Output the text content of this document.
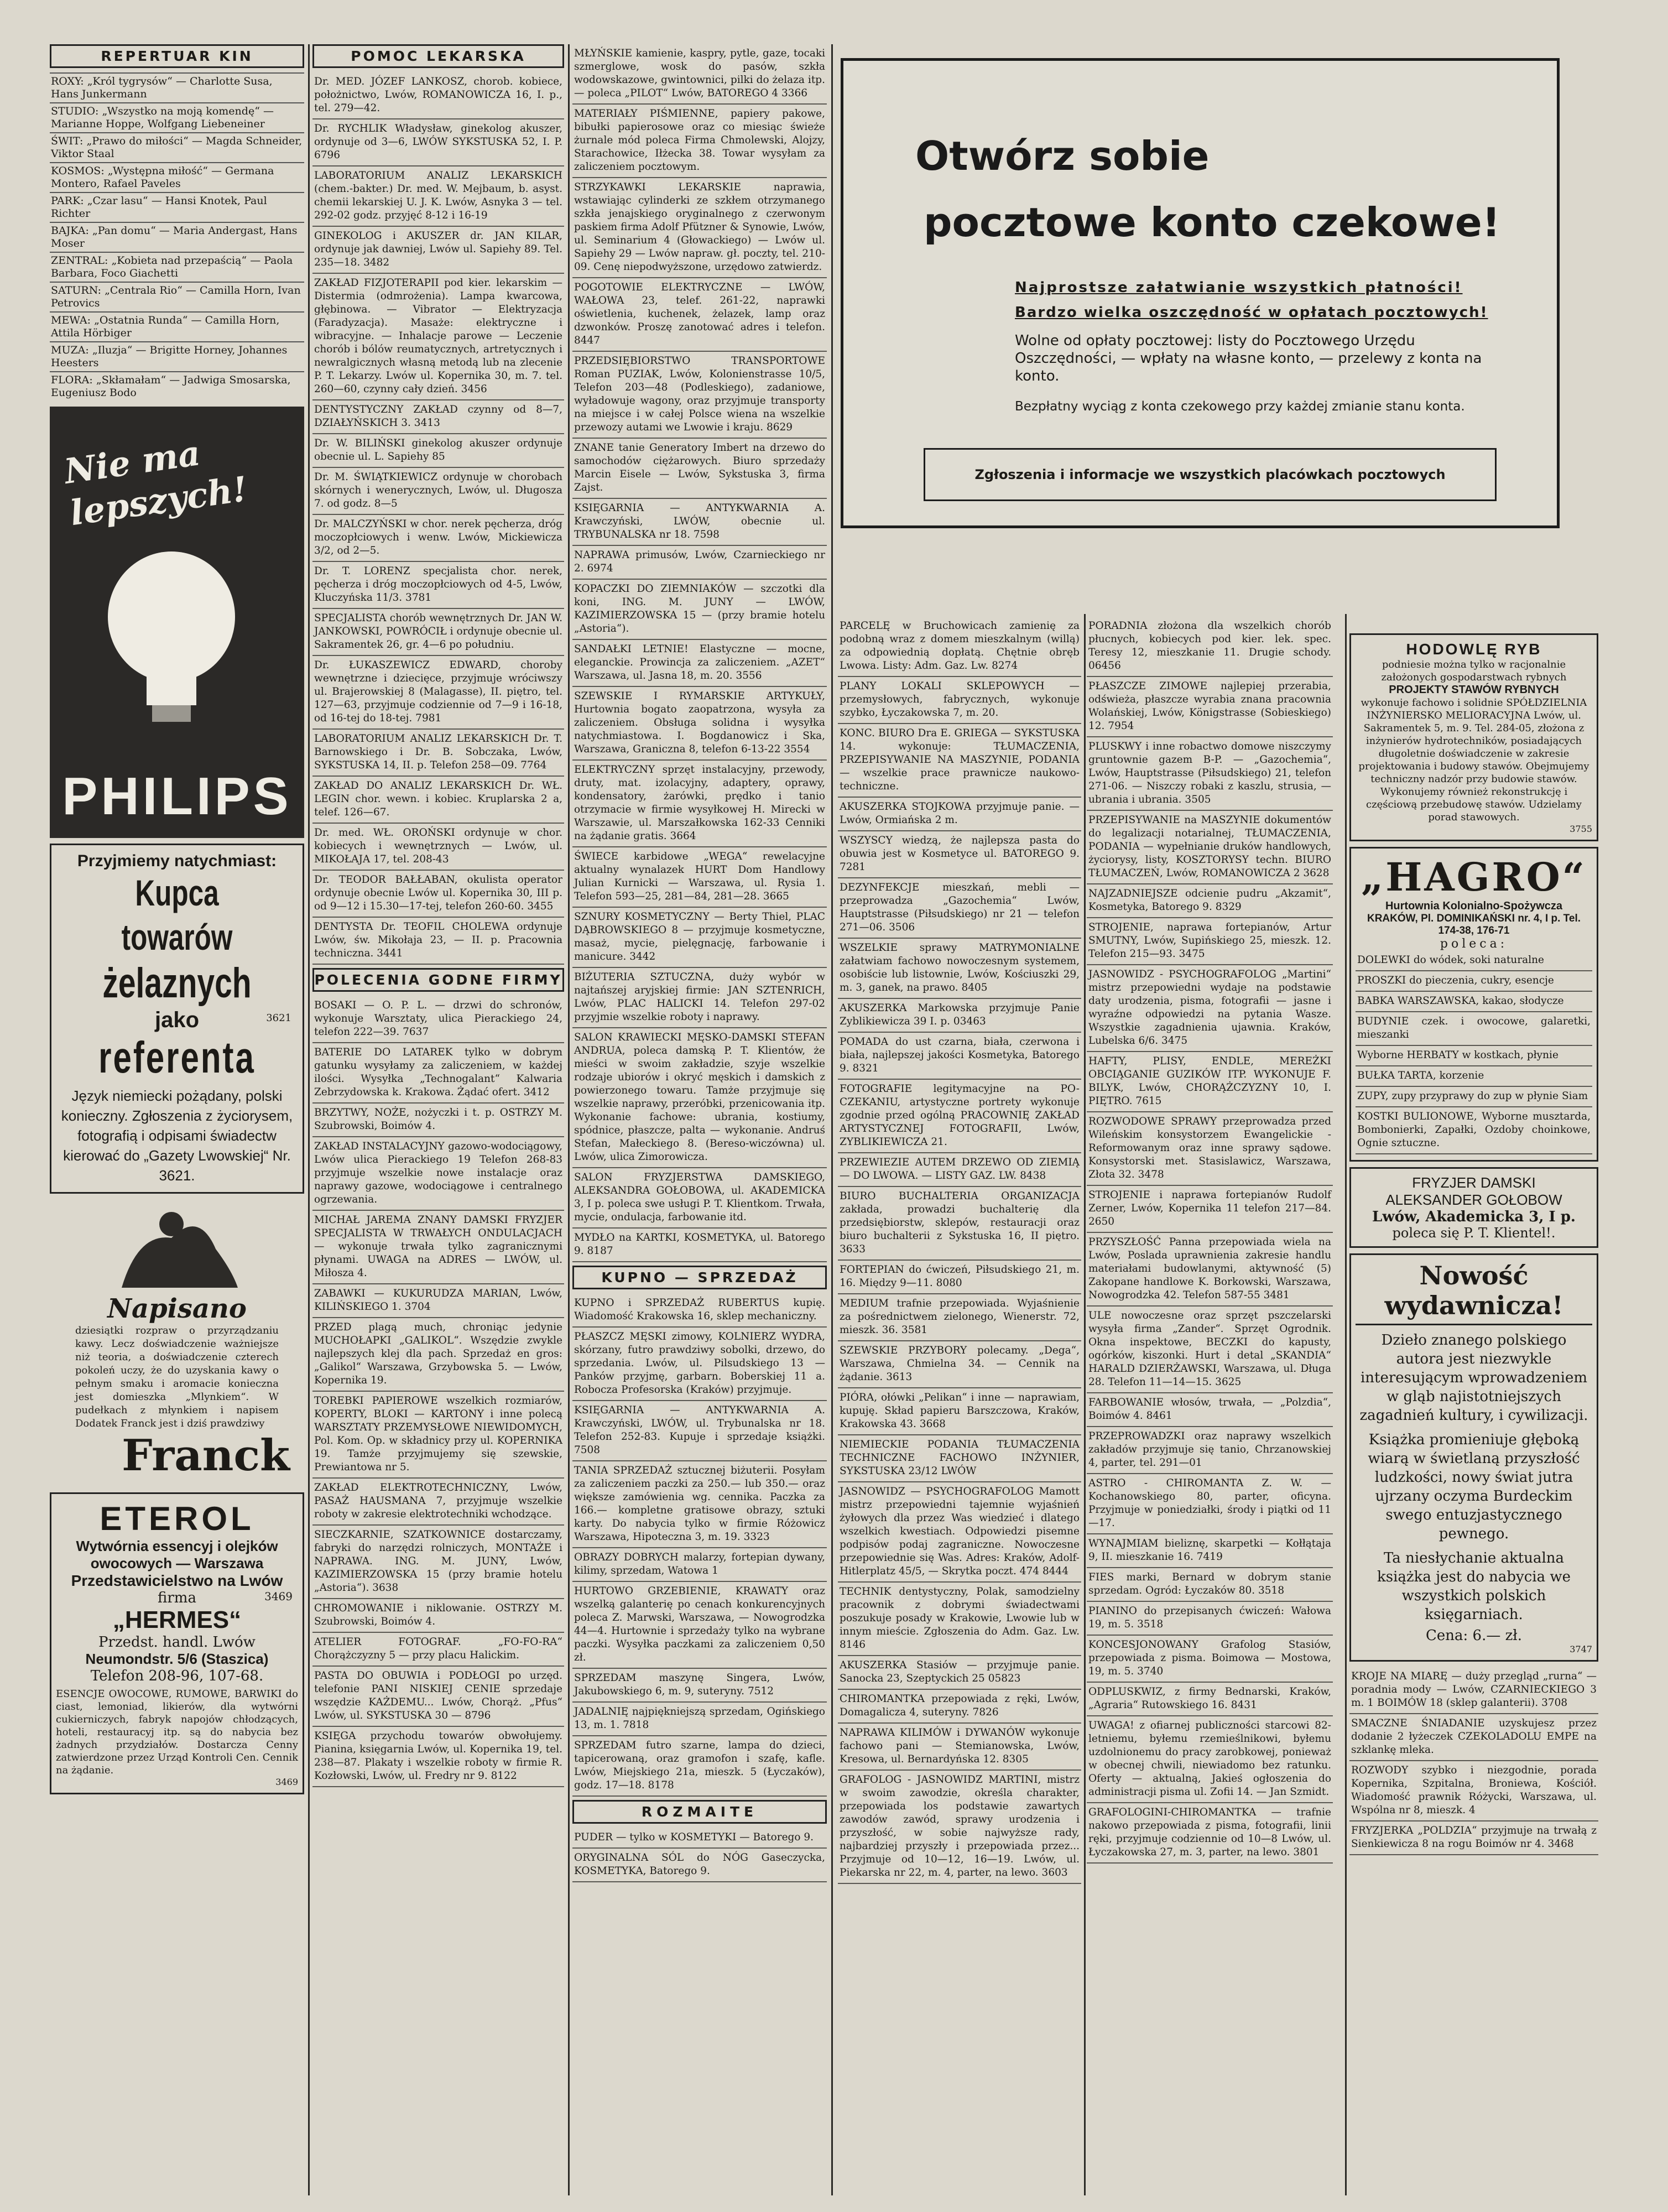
REPERTUAR KIN
ROXY: „Król tygrysów“ — Charlotte Susa, Hans Junkermann
STUDIO: „Wszystko na moją komendę“ — Marianne Hoppe, Wolfgang Liebeneiner
ŚWIT: „Prawo do miłości“ — Magda Schneider, Viktor Staal
KOSMOS: „Występna miłość“ — Germana Montero, Rafael Paveles
PARK: „Czar lasu“ — Hansi Knotek, Paul Richter
BAJKA: „Pan domu“ — Maria Andergast, Hans Moser
ZENTRAL: „Kobieta nad przepaścią“ — Paola Barbara, Foco Giachetti
SATURN: „Centrala Rio“ — Camilla Horn, Ivan Petrovics
MEWA: „Ostatnia Runda“ — Camilla Horn, Attila Hörbiger
MUZA: „Iluzja“ — Brigitte Horney, Johannes Heesters
FLORA: „Skłamałam“ — Jadwiga Smosarska, Eugeniusz Bodo
Nie ma lepszych!
PHILIPS
Przyjmiemy natychmiast:
Kupca towarów
żelaznych
jako	3621
referenta
Język niemiecki pożądany, polski konieczny. Zgłoszenia z życiorysem, fotografią i odpisami świadectw kierować do „Gazety Lwowskiej“ Nr. 3621.
Napisano
dziesiątki rozpraw o przyrządzaniu kawy. Lecz doświadczenie ważniejsze niż teoria, a doświadczenie czterech pokoleń uczy, że do uzyskania kawy o pełnym smaku i aromacie konieczna jest domieszka „Mlynkiem“. W pudełkach z młynkiem i napisem Dodatek Franck jest i dziś prawdziwy
Franck
ETEROL
Wytwórnia essencyj i olejków owocowych — Warszawa
Przedstawicielstwo na Lwów
firma	3469
„HERMES“
Przedst. handl. Lwów
Neumondstr. 5/6 (Staszica)
Telefon 208-96, 107-68.
ESENCJE OWOCOWE, RUMOWE, BARWIKI do ciast, lemoniad, likierów, dla wytwórni cukierniczych, fabryk napojów chłodzących, hoteli, restauracyj itp. są do nabycia bez żadnych przydziałów. Dostarcza Cenny zatwierdzone przez Urząd Kontroli Cen. Cennik na żądanie.
3469
POMOC LEKARSKA
Dr. MED. JÓZEF LANKOSZ, chorob. kobiece, położnictwo, Lwów, ROMANOWICZA 16, I. p., tel. 279—42.
Dr. RYCHLIK Władysław, ginekolog akuszer, ordynuje od 3—6, LWÓW SYKSTUSKA 52, I. P. 6796
LABORATORIUM ANALIZ LEKARSKICH (chem.-bakter.) Dr. med. W. Mejbaum, b. asyst. chemii lekarskiej U. J. K. Lwów, Asnyka 3 — tel. 292-02 godz. przyjęć 8-12 i 16-19
GINEKOLOG i AKUSZER dr. JAN KILAR, ordynuje jak dawniej, Lwów ul. Sapiehy 89. Tel. 235—18. 3482
ZAKŁAD FIZJOTERAPII pod kier. lekarskim — Distermia (odmrożenia). Lampa kwarcowa, głębinowa. — Vibrator — Elektryzacja (Faradyzacja). Masaże: elektryczne i wibracyjne. — Inhalacje parowe — Leczenie chorób i bólów reumatycznych, artretycznych i newralgicznych własną metodą lub na zlecenie P. T. Lekarzy. Lwów ul. Kopernika 30, m. 7. tel. 260—60, czynny cały dzień. 3456
DENTYSTYCZNY ZAKŁAD czynny od 8—7, DZIAŁYŃSKICH 3. 3413
Dr. W. BILIŃSKI ginekolog akuszer ordynuje obecnie ul. L. Sapiehy 85
Dr. M. ŚWIĄTKIEWICZ ordynuje w chorobach skórnych i wenerycznych, Lwów, ul. Długosza 7. od godz. 8—5
Dr. MALCZYŃSKI w chor. nerek pęcherza, dróg moczopłciowych i wenw. Lwów, Mickiewicza 3/2, od 2—5.
Dr. T. LORENZ specjalista chor. nerek, pęcherza i dróg moczopłciowych od 4-5, Lwów, Kluczyńska 11/3. 3781
SPECJALISTA chorób wewnętrznych Dr. JAN W. JANKOWSKI, POWRÓCIŁ i ordynuje obecnie ul. Sakramentek 26, gr. 4—6 po południu.
Dr. ŁUKASZEWICZ EDWARD, choroby wewnętrzne i dziecięce, przyjmuje wróciwszy ul. Brajerowskiej 8 (Malagasse), II. piętro, tel. 127—63, przyjmuje codziennie od 7—9 i 16-18, od 16-tej do 18-tej. 7981
LABORATORIUM ANALIZ LEKARSKICH Dr. T. Barnowskiego i Dr. B. Sobczaka, Lwów, SYKSTUSKA 14, II. p. Telefon 258—09. 7764
ZAKŁAD DO ANALIZ LEKARSKICH Dr. WŁ. LEGIN chor. wewn. i kobiec. Kruplarska 2 a, telef. 126—67.
Dr. med. WŁ. OROŃSKI ordynuje w chor. kobiecych i wewnętrznych — Lwów, ul. MIKOŁAJA 17, tel. 208-43
Dr. TEODOR BAŁŁABAN, okulista operator ordynuje obecnie Lwów ul. Kopernika 30, III p. od 9—12 i 15.30—17-tej, telefon 260-60. 3455
DENTYSTA Dr. TEOFIL CHOLEWA ordynuje Lwów, św. Mikołaja 23, — II. p. Pracownia techniczna. 3441
POLECENIA GODNE FIRMY
BOSAKI — O. P. L. — drzwi do schronów, wykonuje Warsztaty, ulica Pierackiego 24, telefon 222—39. 7637
BATERIE DO LATAREK tylko w dobrym gatunku wysyłamy za zaliczeniem, w każdej ilości. Wysyłka „Technogalant“ Kalwaria Zebrzydowska k. Krakowa. Żądać ofert. 3412
BRZYTWY, NOŻE, nożyczki i t. p. OSTRZY M. Szubrowski, Boimów 4.
ZAKŁAD INSTALACYJNY gazowo-wodociągowy, Lwów ulica Pierackiego 19 Telefon 268-83 przyjmuje wszelkie nowe instalacje oraz naprawy gazowe, wodociągowe i centralnego ogrzewania.
MICHAŁ JAREMA ZNANY DAMSKI FRYZJER SPECJALISTA W TRWAŁYCH ONDULACJACH — wykonuje trwała tylko zagranicznymi płynami. UWAGA na ADRES — LWÓW, ul. Miłosza 4.
ZABAWKI — KUKURUDZA MARIAN, Lwów, KILIŃSKIEGO 1. 3704
PRZED plagą much, chroniąc jedynie MUCHOŁAPKI „GALIKOL“. Wszędzie zwykle najlepszych klej dla pach. Sprzedaż en gros: „Galikol“ Warszawa, Grzybowska 5. — Lwów, Kopernika 19.
TOREBKI PAPIEROWE wszelkich rozmiarów, KOPERTY, BLOKI — KARTONY i inne polecą WARSZTATY PRZEMYSŁOWE NIEWIDOMYCH, Pol. Kom. Op. w składnicy przy ul. KOPERNIKA 19. Tamże przyjmujemy się szewskie, Prewiantowa nr 5.
ZAKŁAD ELEKTROTECHNICZNY, Lwów, PASAŻ HAUSMANA 7, przyjmuje wszelkie roboty w zakresie elektrotechniki wchodzące.
SIECZKARNIE, SZATKOWNICE dostarczamy, fabryki do narzędzi rolniczych, MONTAŻE i NAPRAWA. ING. M. JUNY, Lwów, KAZIMIERZOWSKA 15 (przy bramie hotelu „Astoria“). 3638
CHROMOWANIE i niklowanie. OSTRZY M. Szubrowski, Boimów 4.
ATELIER FOTOGRAF. „FO-FO-RA“ Chorążczyzny 5 — przy placu Halickim.
PASTA DO OBUWIA i PODŁOGI po urzęd. telefonie PANI NISKIEJ CENIE sprzedaje wszędzie KAŻDEMU... Lwów, Chorąż. „Pfus“ Lwów, ul. SYKSTUSKA 30 — 8796
KSIĘGA przychodu towarów obwołujemy. Pianina, księgarnia Lwów, ul. Kopernika 19, tel. 238—87. Plakaty i wszelkie roboty w firmie R. Kozłowski, Lwów, ul. Fredry nr 9. 8122
MŁYŃSKIE kamienie, kaspry, pytle, gaze, tocaki szmerglowe, wosk do pasów, szkła wodowskazowe, gwintownici, pilki do żelaza itp. — poleca „PILOT“ Lwów, BATOREGO 4 3366
MATERIAŁY PIŚMIENNE, papiery pakowe, bibułki papierosowe oraz co miesiąc świeże żurnale mód poleca Firma Chmolewski, Alojzy, Starachowice, Iłżecka 38. Towar wysyłam za zaliczeniem pocztowym.
STRZYKAWKI LEKARSKIE naprawia, wstawiając cylinderki ze szkłem otrzymanego szkła jenajskiego oryginalnego z czerwonym paskiem firma Adolf Pfützner & Synowie, Lwów, ul. Seminarium 4 (Głowackiego) — Lwów ul. Sapiehy 29 — Lwów napraw. gł. poczty, tel. 210-09. Cenę niepodwyższone, urzędowo zatwierdz.
POGOTOWIE ELEKTRYCZNE — LWÓW, WAŁOWA 23, telef. 261-22, naprawki oświetlenia, kuchenek, żelazek, lamp oraz dzwonków. Proszę zanotować adres i telefon. 8447
PRZEDSIĘBIORSTWO TRANSPORTOWE Roman PUZIAK, Lwów, Kolonienstrasse 10/5, Telefon 203—48 (Podleskiego), zadaniowe, wyładowuje wagony, oraz przyjmuje transporty na miejsce i w całej Polsce wiena na wszelkie przewozy autami we Lwowie i kraju. 8629
ZNANE tanie Generatory Imbert na drzewo do samochodów ciężarowych. Biuro sprzedaży Marcin Eisele — Lwów, Sykstuska 3, firma Zajst.
KSIĘGARNIA — ANTYKWARNIA A. Krawczyński, LWÓW, obecnie ul. TRYBUNALSKA nr 18. 7598
NAPRAWA primusów, Lwów, Czarnieckiego nr 2. 6974
KOPACZKI DO ZIEMNIAKÓW — szczotki dla koni, ING. M. JUNY — LWÓW, KAZIMIERZOWSKA 15 — (przy bramie hotelu „Astoria“).
SANDAŁKI LETNIE! Elastyczne — mocne, eleganckie. Prowincja za zaliczeniem. „AZET“ Warszawa, ul. Jasna 18, m. 20. 3556
SZEWSKIE I RYMARSKIE ARTYKUŁY, Hurtownia bogato zaopatrzona, wysyła za zaliczeniem. Obsługa solidna i wysyłka natychmiastowa. I. Bogdanowicz i Ska, Warszawa, Graniczna 8, telefon 6-13-22 3554
ELEKTRYCZNY sprzęt instalacyjny, przewody, druty, mat. izolacyjny, adaptery, oprawy, kondensatory, żarówki, prędko i tanio otrzymacie w firmie wysyłkowej H. Mirecki w Warszawie, ul. Marszałkowska 162-33 Cenniki na żądanie gratis. 3664
ŚWIECE karbidowe „WEGA“ rewelacyjne aktualny wynalazek HURT Dom Handlowy Julian Kurnicki — Warszawa, ul. Rysia 1. Telefon 593—25, 281—84, 281—28. 3665
SZNURY KOSMETYCZNY — Berty Thiel, PLAC DĄBROWSKIEGO 8 — przyjmuje kosmetyczne, masaż, mycie, pielęgnację, farbowanie i manicure. 3442
BIŻUTERIA SZTUCZNA, duży wybór w najtańszej aryjskiej firmie: JAN SZTENRICH, Lwów, PLAC HALICKI 14. Telefon 297-02 przyjmie wszelkie roboty i naprawy.
SALON KRAWIECKI MĘSKO-DAMSKI STEFAN ANDRUA, poleca damską P. T. Klientów, że mieści w swoim zakładzie, szyje wszelkie rodzaje ubiorów i okryć męskich i damskich z powierzonego towaru. Tamże przyjmuje się wszelkie naprawy, przeróbki, przenicowania itp. Wykonanie fachowe: ubrania, kostiumy, spódnice, płaszcze, palta — wykonanie. Andruś Stefan, Małeckiego 8. (Bereso-wiczówna) ul. Lwów, ulica Zimorowicza.
SALON FRYZJERSTWA DAMSKIEGO, ALEKSANDRA GOŁOBOWA, ul. AKADEMICKA 3, I p. poleca swe usługi P. T. Klientkom. Trwała, mycie, ondulacja, farbowanie itd.
MYDŁO na KARTKI, KOSMETYKA, ul. Batorego 9. 8187
KUPNO — SPRZEDAŻ
KUPNO i SPRZEDAŻ RUBERTUS kupię. Wiadomość Krakowska 16, sklep mechaniczny.
PŁASZCZ MĘSKI zimowy, KOLNIERZ WYDRA, skórzany, futro prawdziwy sobolki, drzewo, do sprzedania. Lwów, ul. Pilsudskiego 13 — Panków przyjmę, garbarn. Boberskiej 11 a. Robocza Profesorska (Kraków) przyjmuje.
KSIĘGARNIA — ANTYKWARNIA A. Krawczyński, LWÓW, ul. Trybunalska nr 18. Telefon 252-83. Kupuje i sprzedaje książki. 7508
TANIA SPRZEDAŻ sztucznej biżuterii. Posyłam za zaliczeniem paczki za 250.— lub 350.— oraz większe zamówienia wg. cennika. Paczka za 166.— kompletne gratisowe obrazy, sztuki karty. Do nabycia tylko w firmie Różowicz Warszawa, Hipoteczna 3, m. 19. 3323
OBRAZY DOBRYCH malarzy, fortepian dywany, kilimy, sprzedam, Watowa 1
HURTOWO GRZEBIENIE, KRAWATY oraz wszelką galanterię po cenach konkurencyjnych poleca Z. Marwski, Warszawa, — Nowogrodzka 44—4. Hurtownie i sprzedaży tylko na wybrane paczki. Wysyłka paczkami za zaliczeniem 0,50 zł.
SPRZEDAM maszynę Singera, Lwów, Jakubowskiego 6, m. 9, suteryny. 7512
JADALNIĘ najpiękniejszą sprzedam, Ogińskiego 13, m. 1. 7818
SPRZEDAM futro szarne, lampa do dzieci, tapicerowaną, oraz gramofon i szafę, kafle. Lwów, Miejskiego 21a, mieszk. 5 (Łyczaków), godz. 17—18. 8178
ROZMAITE
PUDER — tylko w KOSMETYKI — Batorego 9.
ORYGINALNA SÓL do NÓG Gaseczycka, KOSMETYKA, Batorego 9.
Otwórz sobie
pocztowe konto czekowe!
Najprostsze załatwianie wszystkich płatności!
Bardzo wielka oszczędność w opłatach pocztowych!
Wolne od opłaty pocztowej: listy do Pocztowego Urzędu Oszczędności, — wpłaty na własne konto, — przelewy z konta na konto.
Bezpłatny wyciąg z konta czekowego przy każdej zmianie stanu konta.
Zgłoszenia i informacje we wszystkich placówkach pocztowych
PARCELĘ w Bruchowicach zamienię za podobną wraz z domem mieszkalnym (willą) za odpowiednią dopłatą. Chętnie obręb Lwowa. Listy: Adm. Gaz. Lw. 8274
PLANY LOKALI SKLEPOWYCH — przemysłowych, fabrycznych, wykonuje szybko, Łyczakowska 7, m. 20.
KONC. BIURO Dra E. GRIEGA — SYKSTUSKA 14. wykonuje: TŁUMACZENIA, PRZEPISYWANIE NA MASZYNIE, PODANIA — wszelkie prace prawnicze naukowo-techniczne.
AKUSZERKA STOJKOWA przyjmuje panie. — Lwów, Ormiańska 2 m.
WSZYSCY wiedzą, że najlepsza pasta do obuwia jest w Kosmetyce ul. BATOREGO 9. 7281
DEZYNFEKCJE mieszkań, mebli — przeprowadza „Gazochemia“ Lwów, Hauptstrasse (Piłsudskiego) nr 21 — telefon 271—06. 3506
WSZELKIE sprawy MATRYMONIALNE załatwiam fachowo nowoczesnym systemem, osobiście lub listownie, Lwów, Kościuszki 29, m. 3, ganek, na prawo. 8405
AKUSZERKA Markowska przyjmuje Panie Zyblikiewicza 39 I. p. 03463
POMADA do ust czarna, biała, czerwona i biała, najlepszej jakości Kosmetyka, Batorego 9. 8321
FOTOGRAFIE legitymacyjne na PO-CZEKANIU, artystyczne portrety wykonuje zgodnie przed ogólną PRACOWNIĘ ZAKŁAD ARTYSTYCZNEJ FOTOGRAFII, Lwów, ZYBLIKIEWICZA 21.
PRZEWIEZIE AUTEM DRZEWO OD ZIEMIĄ — DO LWOWA. — LISTY GAZ. LW. 8438
BIURO BUCHALTERIA ORGANIZACJA zakłada, prowadzi buchalterię dla przedsiębiorstw, sklepów, restauracji oraz biuro buchalterii z Sykstuska 16, II piętro. 3633
FORTEPIAN do ćwiczeń, Piłsudskiego 21, m. 16. Między 9—11. 8080
MEDIUM trafnie przepowiada. Wyjaśnienie za pośrednictwem zielonego, Wienerstr. 72, mieszk. 36. 3581
SZEWSKIE PRZYBORY polecamy. „Dega“, Warszawa, Chmielna 34. — Cennik na żądanie. 3613
PIÓRA, ołówki „Pelikan“ i inne — naprawiam, kupuję. Skład papieru Barszczowa, Kraków, Krakowska 43. 3668
NIEMIECKIE PODANIA TŁUMACZENIA TECHNICZNE FACHOWO INŻYNIER, SYKSTUSKA 23/12 LWÓW
JASNOWIDZ — PSYCHOGRAFOLOG Mamott mistrz przepowiedni tajemnie wyjaśnień żyłowych dla przez Was wiedzieć i dlatego wszelkich kwestiach. Odpowiedzi pisemne podpisów podaj zagraniczne. Nowoczesne przepowiednie się Was. Adres: Kraków, Adolf-Hitlerplatz 45/5, — Skrytka poczt. 474 8444
TECHNIK dentystyczny, Polak, samodzielny pracownik z dobrymi świadectwami poszukuje posady w Krakowie, Lwowie lub w innym mieście. Zgłoszenia do Adm. Gaz. Lw. 8146
AKUSZERKA Stasiów — przyjmuje panie. Sanocka 23, Szeptyckich 25 05823
CHIROMANTKA przepowiada z ręki, Lwów, Domagalicza 4, suteryny. 7826
NAPRAWA KILIMÓW i DYWANÓW wykonuje fachowo pani — Stemianowska, Lwów, Kresowa, ul. Bernardyńska 12. 8305
GRAFOLOG - JASNOWIDZ MARTINI, mistrz w swoim zawodzie, określa charakter, przepowiada los podstawie zawartych zawodów zawód, sprawy urodzenia i przyszłość, w sobie najwyższe rady, najbardziej przyszły i przepowiada przez... Przyjmuje od 10—12, 16—19. Lwów, ul. Piekarska nr 22, m. 4, parter, na lewo. 3603
PORADNIA złożona dla wszelkich chorób płucnych, kobiecych pod kier. lek. spec. Teresy 12, mieszkanie 11. Drugie schody. 06456
PŁASZCZE ZIMOWE najlepiej przerabia, odświeża, płaszcze wyrabia znana pracownia Wolańskiej, Lwów, Königstrasse (Sobieskiego) 12. 7954
PLUSKWY i inne robactwo domowe niszczymy gruntownie gazem B-P. — „Gazochemia“, Lwów, Hauptstrasse (Piłsudskiego) 21, telefon 271-06. — Niszczy robaki z kaszlu, strusia, — ubrania i ubrania. 3505
PRZEPISYWANIE na MASZYNIE dokumentów do legalizacji notarialnej, TŁUMACZENIA, PODANIA — wypełnianie druków handlowych, życiorysy, listy, KOSZTORYSY techn. BIURO TŁUMACZEŃ, Lwów, ROMANOWICZA 2 3628
NAJZADNIEJSZE odcienie pudru „Akzamit“, Kosmetyka, Batorego 9. 8329
STROJENIE, naprawa fortepianów, Artur SMUTNY, Lwów, Supińskiego 25, mieszk. 12. Telefon 215—93. 3475
JASNOWIDZ - PSYCHOGRAFOLOG „Martini“ mistrz przepowiedni wydaje na podstawie daty urodzenia, pisma, fotografii — jasne i wyraźne odpowiedzi na pytania Wasze. Wszystkie zagadnienia ujawnia. Kraków, Lubelska 6/6. 3475
HAFTY, PLISY, ENDLE, MEREŻKI OBCIĄGANIE GUZIKÓW ITP. WYKONUJE F. BILYK, Lwów, CHORĄŻCZYZNY 10, I. PIĘTRO. 7615
ROZWODOWE SPRAWY przeprowadza przed Wileńskim konsystorzem Ewangelickie - Reformowanym oraz inne sprawy sądowe. Konsystorski met. Stasislawicz, Warszawa, Złota 32. 3478
STROJENIE i naprawa fortepianów Rudolf Zerner, Lwów, Kopernika 11 telefon 217—84. 2650
PRZYSZŁOŚĆ Panna przepowiada wiela na Lwów, Poslada uprawnienia zakresie handlu materiałami budowlanymi, aktywność (5) Zakopane handlowe K. Borkowski, Warszawa, Nowogrodzka 42. Telefon 587-55 3481
ULE nowoczesne oraz sprzęt pszczelarski wysyła firma „Zander“. Sprzęt Ogrodnik. Okna inspektowe, BECZKI do kapusty, ogórków, kiszonki. Hurt i detal „SKANDIA“ HARALD DZIERŻAWSKI, Warszawa, ul. Długa 28. Telefon 11—14—15. 3625
FARBOWANIE włosów, trwała, — „Polzdia“, Boimów 4. 8461
PRZEPROWADZKI oraz naprawy wszelkich zakładów przyjmuje się tanio, Chrzanowskiej 4, parter, tel. 291—01
ASTRO - CHIROMANTA Z. W. — Kochanowskiego 80, parter, oficyna. Przyjmuje w poniedziałki, środy i piątki od 11—17.
WYNAJMIAM bieliznę, skarpetki — Kołłątaja 9, II. mieszkanie 16. 7419
FIES marki, Bernard w dobrym stanie sprzedam. Ogród: Łyczaków 80. 3518
PIANINO do przepisanych ćwiczeń: Wałowa 19, m. 5. 3518
KONCESJONOWANY Grafolog Stasiów, przepowiada z pisma. Boimowa — Mostowa, 19, m. 5. 3740
ODPLUSKWIZ, z firmy Bednarski, Kraków, „Agraria“ Rutowskiego 16. 8431
UWAGA! z ofiarnej publiczności starcowi 82-letniemu, byłemu rzemieślnikowi, byłemu uzdolnionemu do pracy zarobkowej, ponieważ w obecnej chwili, niewiadomo bez ratunku. Oferty — aktualną, Jakieś ogłoszenia do administracji pisma ul. Zofii 14. — Jan Szmidt.
GRAFOLOGINI-CHIROMANTKA — trafnie nakowo przepowiada z pisma, fotografii, linii ręki, przyjmuje codziennie od 10—8 Lwów, ul. Łyczakowska 27, m. 3, parter, na lewo. 3801
HODOWLĘ RYB
podniesie można tylko w racjonalnie założonych gospodarstwach rybnych
PROJEKTY STAWÓW RYBNYCH
wykonuje fachowo i solidnie SPÓŁDZIELNIA INŻYNIERSKO MELIORACYJNA Lwów, ul. Sakramentek 5, m. 9. Tel. 284-05, złożona z inżynierów hydrotechników, posiadających długoletnie doświadczenie w zakresie projektowania i budowy stawów. Obejmujemy techniczny nadzór przy budowie stawów. Wykonujemy również rekonstrukcję i częściową przebudowę stawów. Udzielamy porad stawowych.
3755
„HAGRO“
Hurtownia Kolonialno-Spożywcza
KRAKÓW, Pl. DOMINIKAŃSKI nr. 4, I p. Tel. 174-38, 176-71
poleca:
DOLEWKI do wódek, soki naturalne
PROSZKI do pieczenia, cukry, esencje
BABKA WARSZAWSKA, kakao, słodycze
BUDYNIE czek. i owocowe, galaretki, mieszanki
Wyborne HERBATY w kostkach, płynie
BUŁKA TARTA, korzenie
ZUPY, zupy przyprawy do zup w płynie Siam
KOSTKI BULIONOWE, Wyborne musztarda, Bombonierki, Zapałki, Ozdoby choinkowe, Ognie sztuczne.
FRYZJER DAMSKI
ALEKSANDER GOŁOBOW
Lwów, Akademicka 3, I p.
poleca się P. T. Klientel!.
Nowość wydawnicza!
Dzieło znanego polskiego autora jest niezwykle interesującym wprowadzeniem w gląb najistotniejszych zagadnień kultury, i cywilizacji.
Książka promieniuje głęboką wiarą w świetlaną przyszłość ludzkości, nowy świat jutra ujrzany oczyma Burdeckim swego entuzjastycznego pewnego.
Ta niesłychanie aktualna książka jest do nabycia we wszystkich polskich księgarniach.
Cena: 6.— zł.
3747
KROJE NA MIARĘ — duży przegląd „rurna“ — poradnia mody — Lwów, CZARNIECKIEGO 3 m. 1 BOIMÓW 18 (sklep galanterii). 3708
SMACZNE ŚNIADANIE uzyskujesz przez dodanie 2 łyżeczek CZEKOLADOLU EMPE na szklankę mleka.
ROZWODY szybko i niezgodnie, porada Kopernika, Szpitalna, Broniewa, Kościół. Wiadomość prawnik Różycki, Warszawa, ul. Wspólna nr 8, mieszk. 4
FRYZJERKA „POLDZIA“ przyjmuje na trwałą z Sienkiewicza 8 na rogu Boimów nr 4. 3468
